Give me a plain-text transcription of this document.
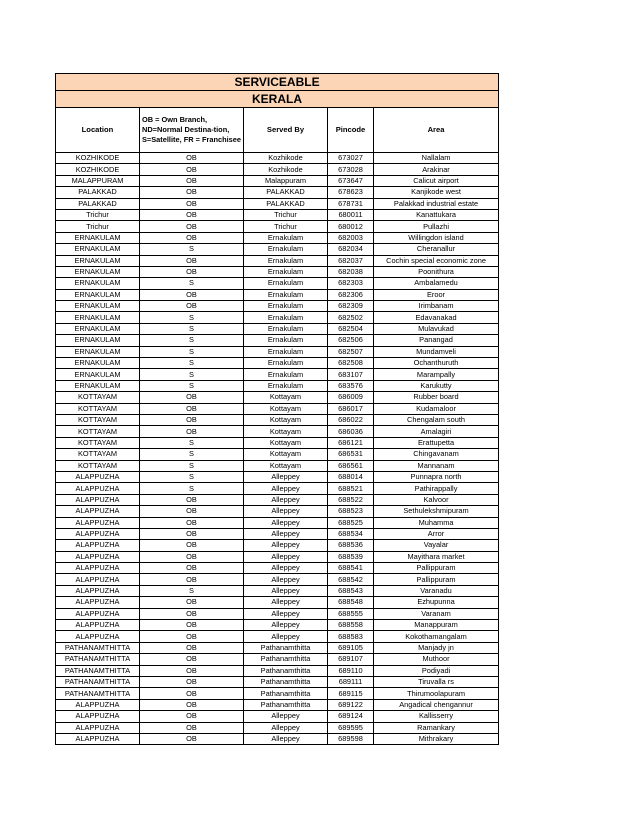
SERVICEABLE				
KERALA				
Location	OB = Own Branch, ND=Normal Destina-tion, S=Satellite, FR = Franchisee	Served By	Pincode	Area
KOZHIKODE	OB	Kozhikode	673027	Nallalam
KOZHIKODE	OB	Kozhikode	673028	Arakinar
MALAPPURAM	OB	Malappuram	673647	Calicut airport
PALAKKAD	OB	PALAKKAD	678623	Kanjikode west
PALAKKAD	OB	PALAKKAD	678731	Palakkad industrial estate
Trichur	OB	Trichur	680011	Kanattukara
Trichur	OB	Trichur	680012	Pullazhi
ERNAKULAM	OB	Ernakulam	682003	Willingdon island
ERNAKULAM	S	Ernakulam	682034	Cheranallur
ERNAKULAM	OB	Ernakulam	682037	Cochin special economic zone
ERNAKULAM	OB	Ernakulam	682038	Poonithura
ERNAKULAM	S	Ernakulam	682303	Ambalamedu
ERNAKULAM	OB	Ernakulam	682306	Eroor
ERNAKULAM	OB	Ernakulam	682309	Irimbanam
ERNAKULAM	S	Ernakulam	682502	Edavanakad
ERNAKULAM	S	Ernakulam	682504	Mulavukad
ERNAKULAM	S	Ernakulam	682506	Panangad
ERNAKULAM	S	Ernakulam	682507	Mundamveli
ERNAKULAM	S	Ernakulam	682508	Ochanthuruth
ERNAKULAM	S	Ernakulam	683107	Marampally
ERNAKULAM	S	Ernakulam	683576	Karukutty
KOTTAYAM	OB	Kottayam	686009	Rubber board
KOTTAYAM	OB	Kottayam	686017	Kudamaloor
KOTTAYAM	OB	Kottayam	686022	Chengalam south
KOTTAYAM	OB	Kottayam	686036	Amalagiri
KOTTAYAM	S	Kottayam	686121	Erattupetta
KOTTAYAM	S	Kottayam	686531	Chingavanam
KOTTAYAM	S	Kottayam	686561	Mannanam
ALAPPUZHA	S	Alleppey	688014	Punnapra north
ALAPPUZHA	S	Alleppey	688521	Pathirappally
ALAPPUZHA	OB	Alleppey	688522	Kalvoor
ALAPPUZHA	OB	Alleppey	688523	Sethulekshmipuram
ALAPPUZHA	OB	Alleppey	688525	Muhamma
ALAPPUZHA	OB	Alleppey	688534	Arror
ALAPPUZHA	OB	Alleppey	688536	Vayalar
ALAPPUZHA	OB	Alleppey	688539	Mayithara market
ALAPPUZHA	OB	Alleppey	688541	Pallippuram
ALAPPUZHA	OB	Alleppey	688542	Pallippuram
ALAPPUZHA	S	Alleppey	688543	Varanadu
ALAPPUZHA	OB	Alleppey	688548	Ezhupunna
ALAPPUZHA	OB	Alleppey	688555	Varanam
ALAPPUZHA	OB	Alleppey	688558	Manappuram
ALAPPUZHA	OB	Alleppey	688583	Kokothamangalam
PATHANAMTHITTA	OB	Pathanamthitta	689105	Manjady jn
PATHANAMTHITTA	OB	Pathanamthitta	689107	Muthoor
PATHANAMTHITTA	OB	Pathanamthitta	689110	Podiyadi
PATHANAMTHITTA	OB	Pathanamthitta	689111	Tiruvalla rs
PATHANAMTHITTA	OB	Pathanamthitta	689115	Thirumoolapuram
ALAPPUZHA	OB	Pathanamthitta	689122	Angadical chengannur
ALAPPUZHA	OB	Alleppey	689124	Kallisserry
ALAPPUZHA	OB	Alleppey	689595	Ramankary
ALAPPUZHA	OB	Alleppey	689598	Mithrakary
